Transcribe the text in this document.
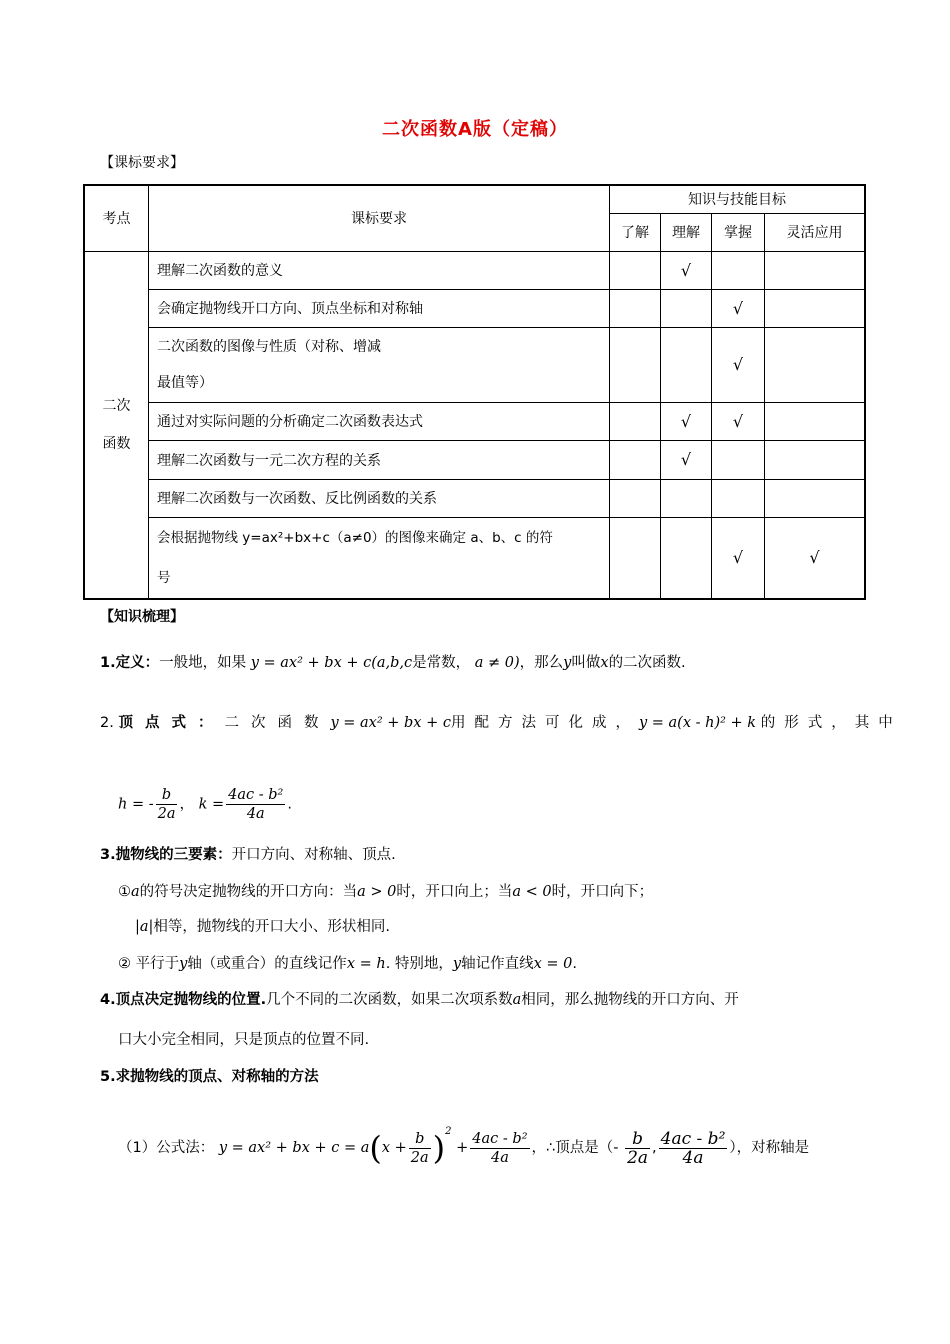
二次函数A版（定稿）
【课标要求】
考点	课标要求	知识与技能目标			
		了解	理解	掌握	灵活应用
二次
函数	理解二次函数的意义		√		
	会确定抛物线开口方向、顶点坐标和对称轴			√	
	二次函数的图像与性质（对称、增减
最值等）			√	
	通过对实际问题的分析确定二次函数表达式		√	√	
	理解二次函数与一元二次方程的关系		√		
	理解二次函数与一次函数、反比例函数的关系				
	会根据抛物线 y=ax²+bx+c（a≠0）的图像来确定 a、b、c 的符
号			√	√
【知识梳理】
1.定义：一般地，如果 y = ax² + bx + c(a,b,c是常数， a ≠ 0)，那么y叫做x的二次函数.
2. 顶点式：二次函数y = ax² + bx + c用配方法可化成，y = a(x - h)² + k 的形式，其中
h = - $\frac{b}{2a}$ ， $k = \frac{\text{4ac - b²}}{4a}$ .
3.抛物线的三要素：开口方向、对称轴、顶点.
①a的符号决定抛物线的开口方向：当a > 0时，开口向上；当a < 0时，开口向下；
|a|相等，抛物线的开口大小、形状相同.
② 平行于y轴（或重合）的直线记作x = h. 特别地，y轴记作直线x = 0.
4.顶点决定抛物线的位置.几个不同的二次函数，如果二次项系数a相同，那么抛物线的开口方向、开
口大小完全相同，只是顶点的位置不同.
5.求抛物线的顶点、对称轴的方法
（1）公式法： y = ax² + bx + $c = a(x + \frac{b}{2a} )^2 + \frac{\text{4ac - b²}}{4a}$ ，∴顶点是（- $\frac{b}{2a}$ , $\frac{\text{4ac - b²}}{4a}$ ），对称轴是
